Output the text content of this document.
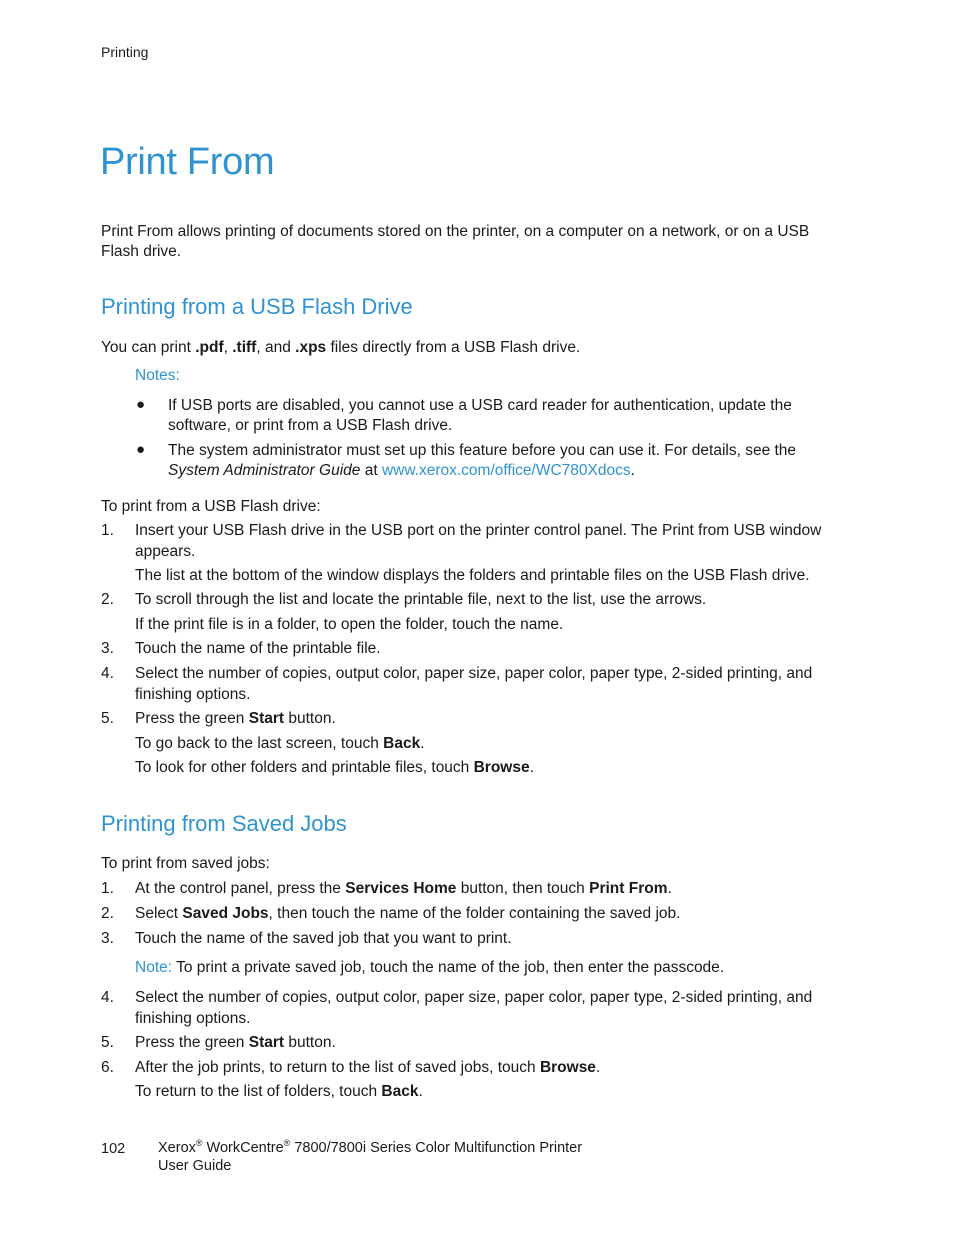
Printing
Print From

Print From allows printing of documents stored on the printer, on a computer on a network, or on a USB Flash drive.

Printing from a USB Flash Drive

You can print .pdf, .tiff, and .xps files directly from a USB Flash drive.

Notes:
● If USB ports are disabled, you cannot use a USB card reader for authentication, update the software, or print from a USB Flash drive.
● The system administrator must set up this feature before you can use it. For details, see the System Administrator Guide at www.xerox.com/office/WC780Xdocs.

To print from a USB Flash drive:

1. Insert your USB Flash drive in the USB port on the printer control panel. The Print from USB window appears.

The list at the bottom of the window displays the folders and printable files on the USB Flash drive.

2. To scroll through the list and locate the printable file, next to the list, use the arrows.

If the print file is in a folder, to open the folder, touch the name.

3. Touch the name of the printable file.

4. Select the number of copies, output color, paper size, paper color, paper type, 2-sided printing, and finishing options.

5. Press the green Start button.

To go back to the last screen, touch Back.

To look for other folders and printable files, touch Browse.

Printing from Saved Jobs

To print from saved jobs:

1. At the control panel, press the Services Home button, then touch Print From.

2. Select Saved Jobs, then touch the name of the folder containing the saved job.

3. Touch the name of the saved job that you want to print.

Note: To print a private saved job, touch the name of the job, then enter the passcode.

4. Select the number of copies, output color, paper size, paper color, paper type, 2-sided printing, and finishing options.

5. Press the green Start button.

6. After the job prints, to return to the list of saved jobs, touch Browse.

To return to the list of folders, touch Back.

102 Xerox® WorkCentre® 7800/7800i Series Color Multifunction Printer
User Guide
